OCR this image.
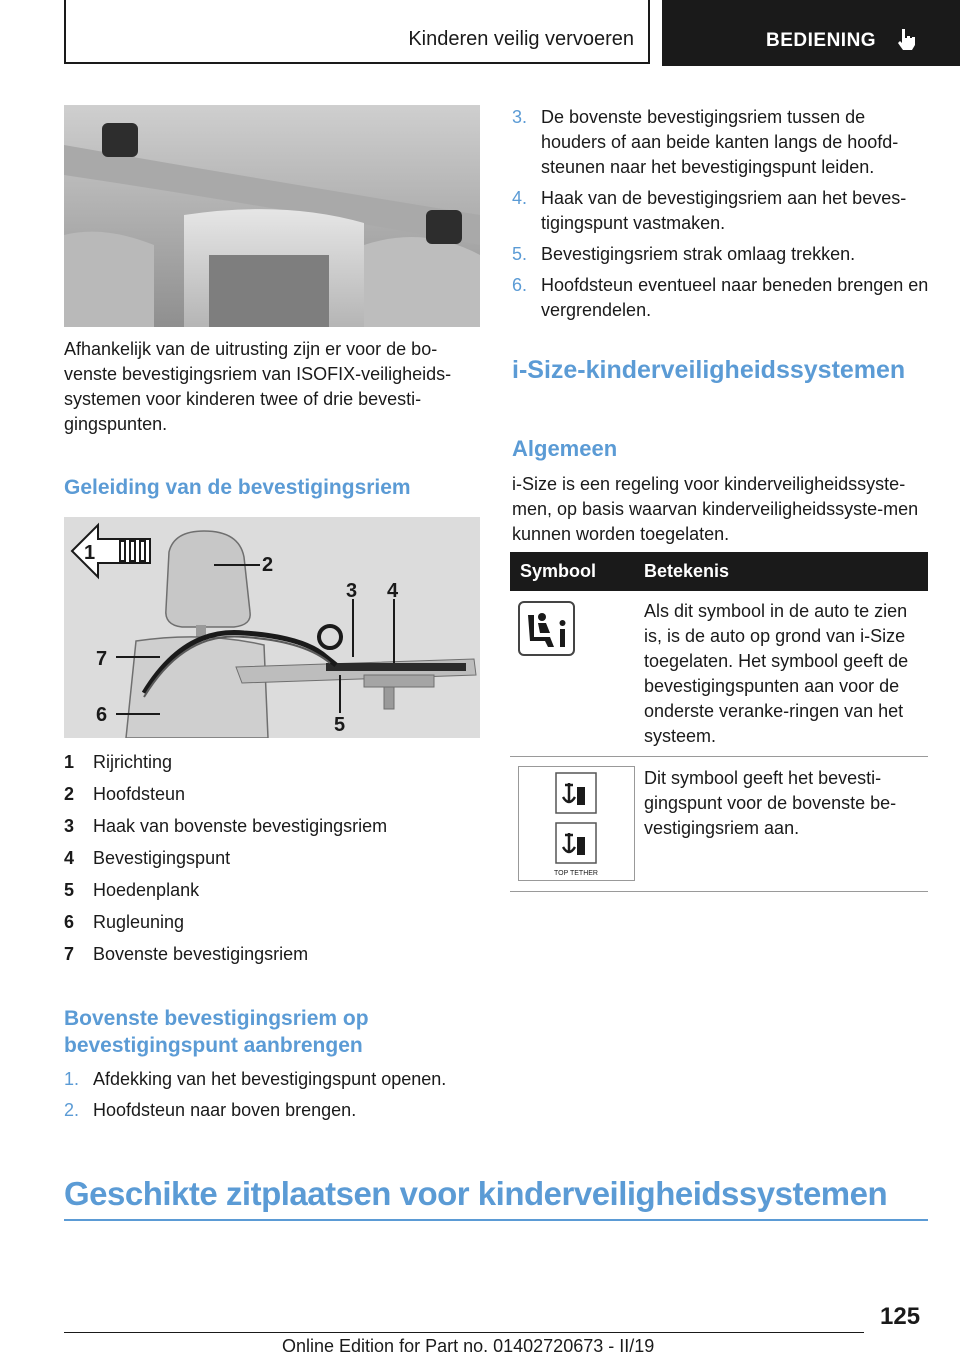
Kinderen veilig vervoeren	BEDIENING

Afhankelijk van de uitrusting zijn er voor de bo-venste bevestigingsriem van ISOFIX-veiligheids-systemen voor kinderen twee of drie bevesti-gingspunten.

Geleiding van de bevestigingsriem
1
2
3 4
5
6
7
1	Rijrichting
2	Hoofdsteun
3	Haak van bovenste bevestigingsriem
4	Bevestigingspunt
5	Hoedenplank
6	Rugleuning
7	Bovenste bevestigingsriem
Bovenste bevestigingsriem op bevestigingspunt aanbrengen
1. Afdekking van het bevestigingspunt openen.
2. Hoofdsteun naar boven brengen.
3. De bovenste bevestigingsriem tussen de houders of aan beide kanten langs de hoofd-steunen naar het bevestigingspunt leiden.
4. Haak van de bevestigingsriem aan het beves-tigingspunt vastmaken.
5. Bevestigingsriem strak omlaag trekken.
6. Hoofdsteun eventueel naar beneden brengen en vergrendelen.
i-Size-kinderveiligheidssystemen
Algemeen

i-Size is een regeling voor kinderveiligheidssyste-men, op basis waarvan kinderveiligheidssyste-men kunnen worden toegelaten.

Symbool	Betekenis
Als dit symbool in de auto te zien is, is de auto op grond van i-Size toegelaten. Het symbool geeft de bevestigingspunten aan voor de onderste veranke-ringen van het systeem.
TOP TETHER
Dit symbool geeft het bevesti-gingspunt voor de bovenste be-vestigingsriem aan.
Geschikte zitplaatsen voor kinderveiligheidssystemen
125
Online Edition for Part no. 01402720673 - II/19
